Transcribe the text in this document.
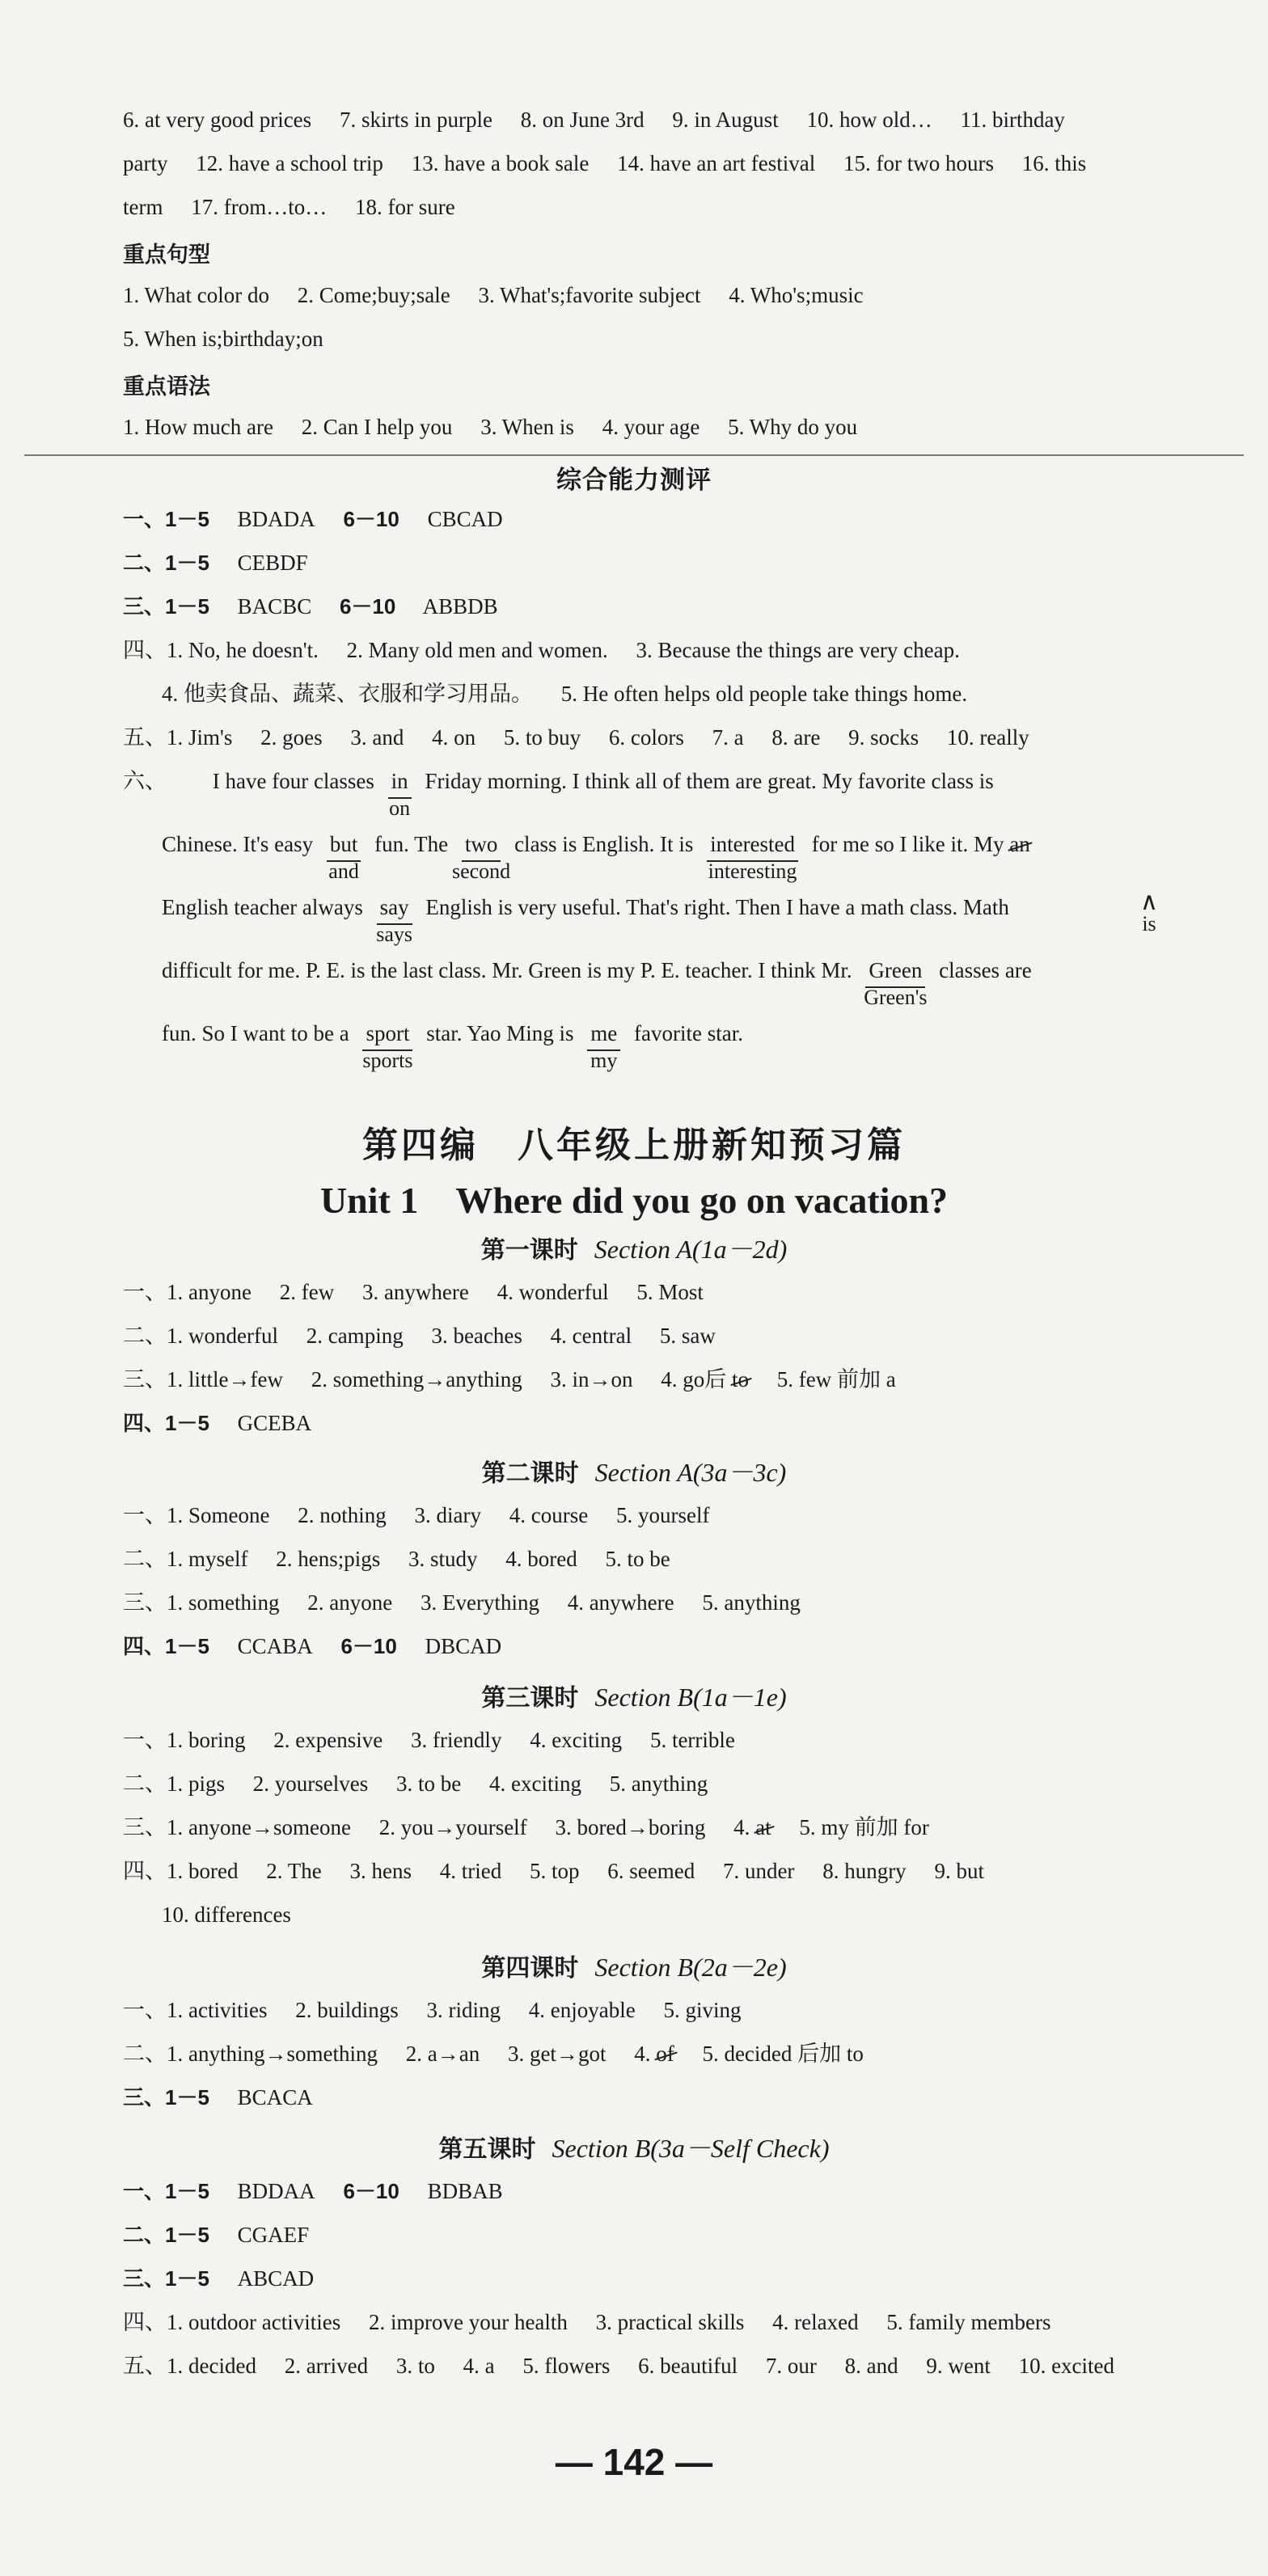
6. at very good prices 7. skirts in purple 8. on June 3rd 9. in August 10. how old… 11. birthday
party 12. have a school trip 13. have a book sale 14. have an art festival 15. for two hours 16. this
term 17. from…to… 18. for sure
重点句型
1. What color do 2. Come;buy;sale 3. What's;favorite subject 4. Who's;music
5. When is;birthday;on
重点语法
1. How much are 2. Can I help you 3. When is 4. your age 5. Why do you
综合能力测评
一、1－5 BDADA 6－10 CBCAD
二、1－5 CEBDF
三、1－5 BACBC 6－10 ABBDB
四、1. No, he doesn't. 2. Many old men and women. 3. Because the things are very cheap.
4. 他卖食品、蔬菜、衣服和学习用品。 5. He often helps old people take things home.
五、1. Jim's 2. goes 3. and 4. on 5. to buy 6. colors 7. a 8. are 9. socks 10. really
六、 I have four classes $\frac{in}{on}$ Friday morning. I think all of them are great. My favorite class is
Chinese. It's easy but
and
fun. The two
second
class is English. It is interested
interesting
for me so I like it. My an
English teacher always say
says
English is very useful. That's right. Then I have a math class. Math	∧
is
difficult for me. P. E. is the last class. Mr. Green is my P. E. teacher. I think Mr. Green
Green's
classes are
fun. So I want to be a sport
sports
star. Yao Ming is $\frac{me}{my}$ favorite star.
第四编　八年级上册新知预习篇
Unit 1　Where did you go on vacation?
第一课时 Section A(1a－2d)
一、1. anyone 2. few 3. anywhere 4. wonderful 5. Most
二、1. wonderful 2. camping 3. beaches 4. central 5. saw
三、1. little→few 2. something→anything 3. in→on 4. go后 to 5. few 前加 a
四、1－5 GCEBA
第二课时 Section A(3a－3c)
一、1. Someone 2. nothing 3. diary 4. course 5. yourself
二、1. myself 2. hens;pigs 3. study 4. bored 5. to be
三、1. something 2. anyone 3. Everything 4. anywhere 5. anything
四、1－5 CCABA 6－10 DBCAD
第三课时 Section B(1a－1e)
一、1. boring 2. expensive 3. friendly 4. exciting 5. terrible
二、1. pigs 2. yourselves 3. to be 4. exciting 5. anything
三、1. anyone→someone 2. you→yourself 3. bored→boring 4. at 5. my 前加 for
四、1. bored 2. The 3. hens 4. tried 5. top 6. seemed 7. under 8. hungry 9. but
10. differences
第四课时 Section B(2a－2e)
一、1. activities 2. buildings 3. riding 4. enjoyable 5. giving
二、1. anything→something 2. a→an 3. get→got 4. of 5. decided 后加 to
三、1－5 BCACA
第五课时 Section B(3a－Self Check)
一、1－5 BDDAA 6－10 BDBAB
二、1－5 CGAEF
三、1－5 ABCAD
四、1. outdoor activities 2. improve your health 3. practical skills 4. relaxed 5. family members
五、1. decided 2. arrived 3. to 4. a 5. flowers 6. beautiful 7. our 8. and 9. went 10. excited
— 142 —
